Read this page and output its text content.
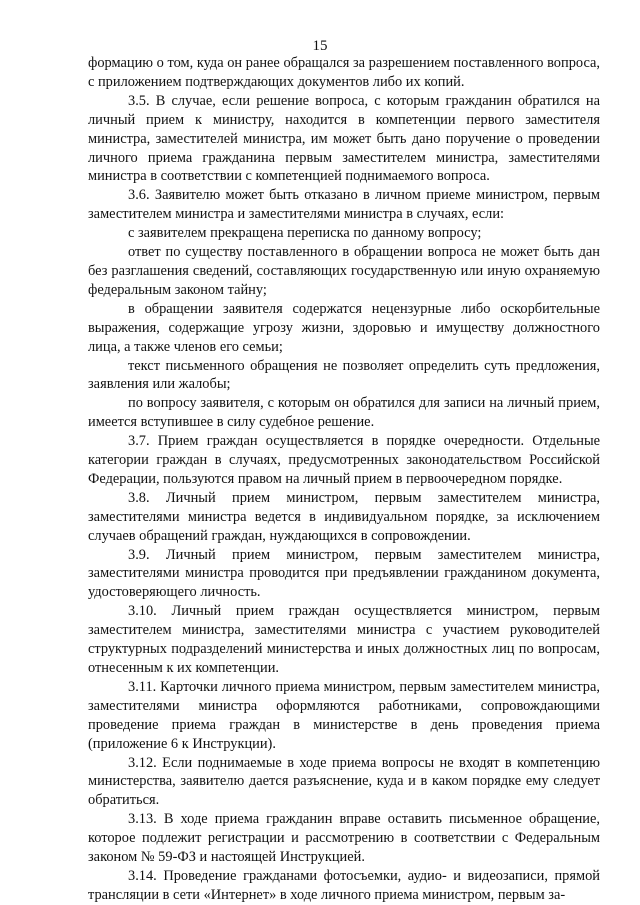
15

формацию о том, куда он ранее обращался за разрешением поставленного вопроса, с приложением подтверждающих документов либо их копий.

3.5. В случае, если решение вопроса, с которым гражданин обратился на личный прием к министру, находится в компетенции первого заместителя министра, заместителей министра, им может быть дано поручение о проведении личного приема гражданина первым заместителем министра, заместителями министра в соответствии с компетенцией поднимаемого вопроса.

3.6. Заявителю может быть отказано в личном приеме министром, первым заместителем министра и заместителями министра в случаях, если:

с заявителем прекращена переписка по данному вопросу;

ответ по существу поставленного в обращении вопроса не может быть дан без разглашения сведений, составляющих государственную или иную охраняемую федеральным законом тайну;

в обращении заявителя содержатся нецензурные либо оскорбительные выражения, содержащие угрозу жизни, здоровью и имуществу должностного лица, а также членов его семьи;

текст письменного обращения не позволяет определить суть предложения, заявления или жалобы;

по вопросу заявителя, с которым он обратился для записи на личный прием, имеется вступившее в силу судебное решение.

3.7. Прием граждан осуществляется в порядке очередности. Отдельные категории граждан в случаях, предусмотренных законодательством Российской Федерации, пользуются правом на личный прием в первоочередном порядке.

3.8. Личный прием министром, первым заместителем министра, заместителями министра ведется в индивидуальном порядке, за исключением случаев обращений граждан, нуждающихся в сопровождении.

3.9. Личный прием министром, первым заместителем министра, заместителями министра проводится при предъявлении гражданином документа, удостоверяющего личность.

3.10. Личный прием граждан осуществляется министром, первым заместителем министра, заместителями министра с участием руководителей структурных подразделений министерства и иных должностных лиц по вопросам, отнесенным к их компетенции.

3.11. Карточки личного приема министром, первым заместителем министра, заместителями министра оформляются работниками, сопровождающими проведение приема граждан в министерстве в день проведения приема (приложение 6 к Инструкции).

3.12. Если поднимаемые в ходе приема вопросы не входят в компетенцию министерства, заявителю дается разъяснение, куда и в каком порядке ему следует обратиться.

3.13. В ходе приема гражданин вправе оставить письменное обращение, которое подлежит регистрации и рассмотрению в соответствии с Федеральным законом № 59-ФЗ и настоящей Инструкцией.

3.14. Проведение гражданами фотосъемки, аудио- и видеозаписи, прямой трансляции в сети «Интернет» в ходе личного приема министром, первым за-
